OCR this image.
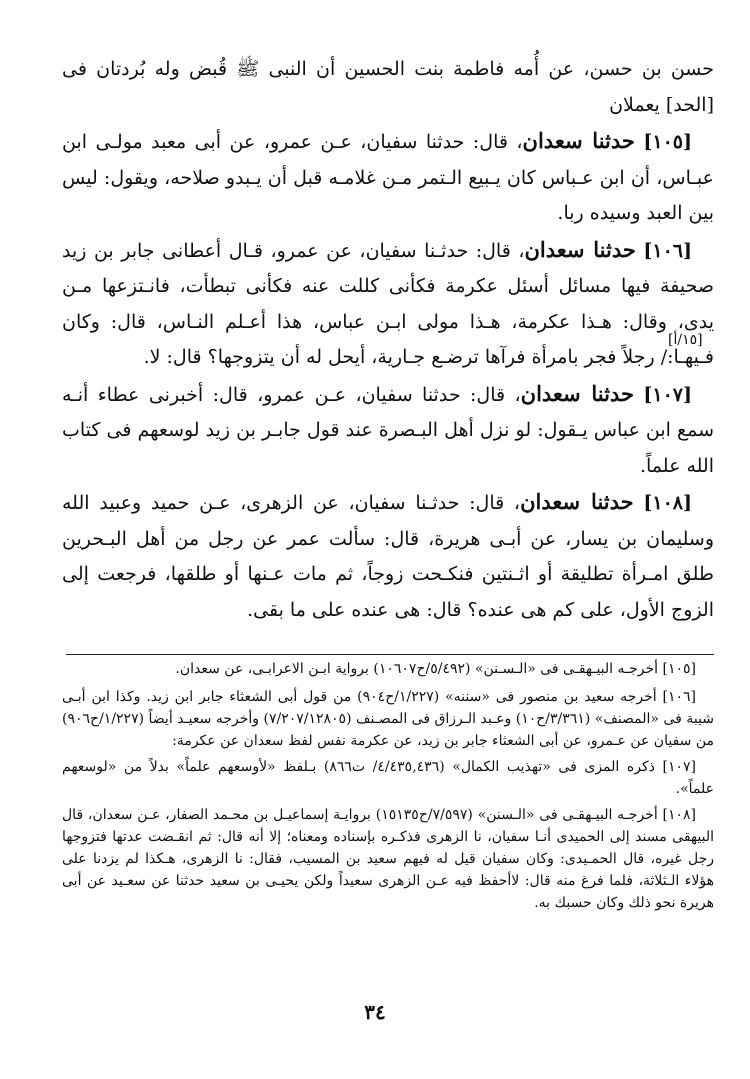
حسن بن حسن، عن أُمه فاطمة بنت الحسين أن النبى ﷺ قُبض وله بُردتان فى [الحد] يعملان

[١٠٥] حدثنا سعدان، قال: حدثنا سفيان، عـن عمرو، عن أبى معبد مولـى ابن عبـاس، أن ابن عـباس كان يـبيع الـتمر مـن غلامـه قبل أن يـبدو صلاحه، ويقول: ليس بين العبد وسيده ربا.

[١٠٦] حدثنا سعدان، قال: حدثـنا سفيان، عن عمرو، قـال أعطانى جابر بن زيد صحيفة فيها مسائل أسئل عكرمة فكأنى كللت عنه فكأنى تبطأت، فانـتزعها مـن يدى، وقال: هـذا عكرمة، هـذا مولى ابـن عباس، هذا أعـلم النـاس، قال: وكان فـيهـا:/ رجلاً فجر بامرأة فرآها ترضـع جـارية، أيحل له أن يتزوجها؟ قال: لا.

[١٠٧] حدثنا سعدان، قال: حدثنا سفيان، عـن عمرو، قال: أخبرنى عطاء أنـه سمع ابن عباس يـقول: لو نزل أهل البـصرة عند قول جابـر بن زيد لوسعهم فى كتاب الله علماً.

[١٠٨] حدثنا سعدان، قال: حدثـنا سفيان، عن الزهرى، عـن حميد وعبيد الله وسليمان بن يسار، عن أبـى هريرة، قال: سألت عمر عن رجل من أهل البـحرين طلق امـرأة تطليقة أو اثـنتين فنكـحت زوجاً، ثم مات عـنها أو طلقها، فرجعت إلى الزوج الأول، على كم هى عنده؟ قال: هى عنده على ما بقى.

[١٥/أ]

[١٠٥] أخرجـه البيـهقـى فى «الـسـنن» (٥/٤٩٢/ح١٠٦٠٧) برواية ابـن الاعرابـى، عن سعدان.

[١٠٦] أخرجه سعيد بن منصور فى «سننه» (١/٢٢٧/ح٩٠٤) من قول أبى الشعثاء جابر ابن زيد. وكذا ابن أبـى شيبة فى «المصنف» (٣/٣٦١/ح١٠) وعـبد الـرزاق فى المصـنف (٧/٢٠٧/١٢٨٠٥) وأخرجه سعيـد أيضاً (١/٢٢٧/ح٩٠٦) من سفيان عن عـمرو، عن أبى الشعثاء جابر بن زيد، عن عكرمة نفس لفظ سعدان عن عكرمة:

[١٠٧] ذكره المزى فى «تهذيب الكمال» (٤/٤٣٥,٤٣٦/ ت٨٦٦) بـلفظ «لأوسعهم علماً» بدلاً من «لوسعهم علماً».

[١٠٨] أخرجـه البيـهقـى فى «الـسنن» (٧/٥٩٧/ح١٥١٣٥) بروايـة إسماعيـل بن محـمد الصفار، عـن سعدان، قال البيهقى مسند إلى الحميدى أنـا سفيان، نا الزهرى فذكـره بإسناده ومعناه؛ إلا أنه قال: ثم انقـضت عدتها فتزوجها رجل غيره، قال الحمـيدى: وكان سفيان قيل له فيهم سعيد بن المسيب، فقال: نا الزهرى، هـكذا لم يزدنا على هؤلاء الـثلاثة، فلما فرغ منه قال: لاأحفظ فيه عـن الزهرى سعيداً ولكن يحيـى بن سعيد حدثنا عن سعـيد عن أبى هريرة نحو ذلك وكان حسبك به.

٣٤
